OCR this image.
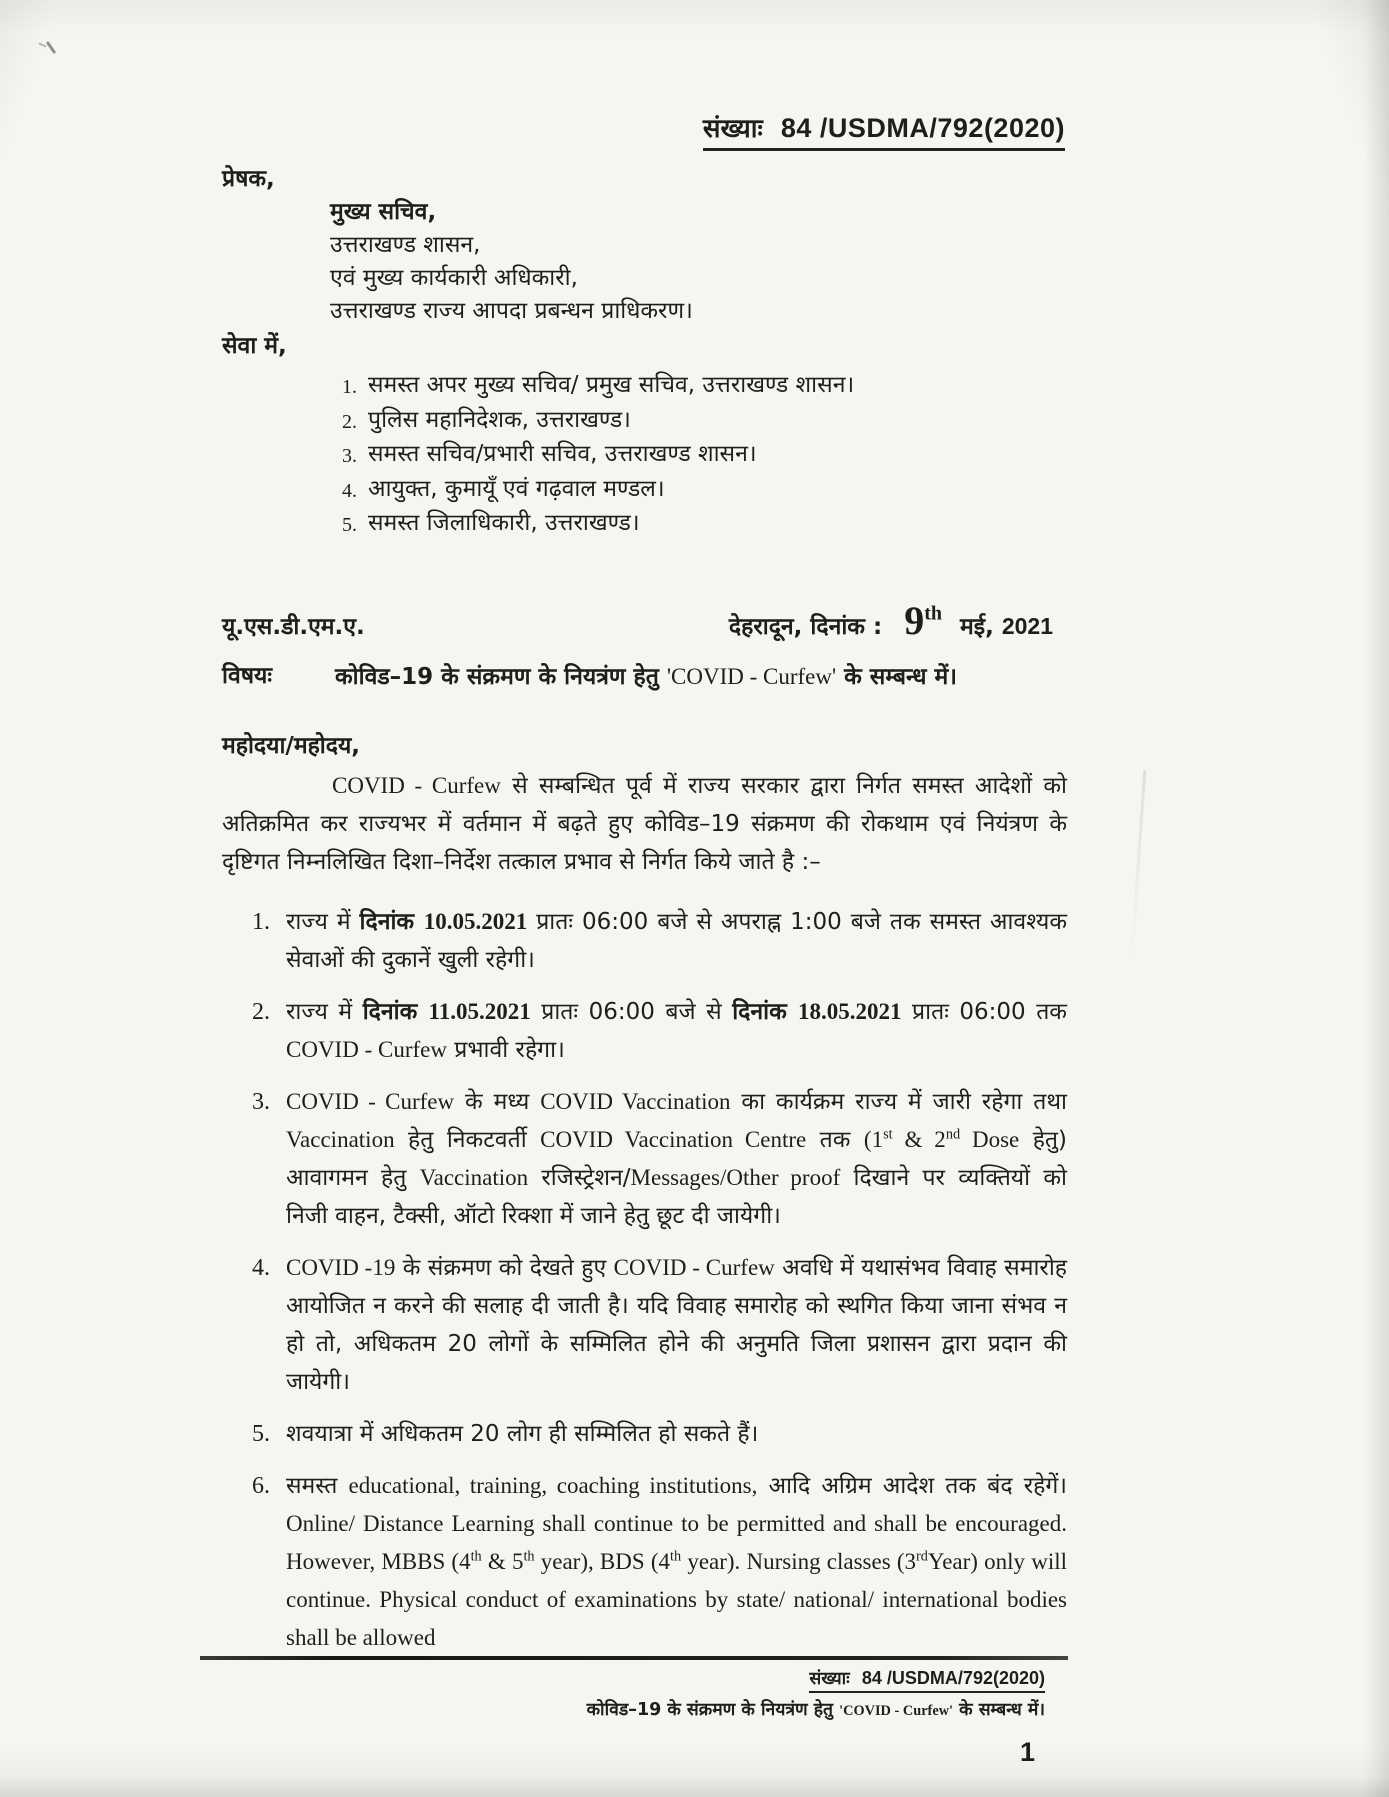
संख्याः 84 /USDMA/792(2020)
प्रेषक,
मुख्य सचिव,
उत्तराखण्ड शासन,
एवं मुख्य कार्यकारी अधिकारी,
उत्तराखण्ड राज्य आपदा प्रबन्धन प्राधिकरण।
सेवा में,
1. समस्त अपर मुख्य सचिव/ प्रमुख सचिव, उत्तराखण्ड शासन।
2. पुलिस महानिदेशक, उत्तराखण्ड।
3. समस्त सचिव/प्रभारी सचिव, उत्तराखण्ड शासन।
4. आयुक्त, कुमायूँ एवं गढ़वाल मण्डल।
5. समस्त जिलाधिकारी, उत्तराखण्ड।
यू.एस.डी.एम.ए.	देहरादून, दिनांक : 9th मई, 2021
विषयः	कोविड–19 के संक्रमण के नियत्रंण हेतु 'COVID - Curfew' के सम्बन्ध में।
महोदया/महोदय,
COVID - Curfew से सम्बन्धित पूर्व में राज्य सरकार द्वारा निर्गत समस्त आदेशों को अतिक्रमित कर राज्यभर में वर्तमान में बढ़ते हुए कोविड–19 संक्रमण की रोकथाम एवं नियंत्रण के दृष्टिगत निम्नलिखित दिशा–निर्देश तत्काल प्रभाव से निर्गत किये जाते है :–
1. राज्य में दिनांक 10.05.2021 प्रातः 06:00 बजे से अपराह्न 1:00 बजे तक समस्त आवश्यक सेवाओं की दुकानें खुली रहेगी।
2. राज्य में दिनांक 11.05.2021 प्रातः 06:00 बजे से दिनांक 18.05.2021 प्रातः 06:00 तक COVID - Curfew प्रभावी रहेगा।
3. COVID - Curfew के मध्य COVID Vaccination का कार्यक्रम राज्य में जारी रहेगा तथा Vaccination हेतु निकटवर्ती COVID Vaccination Centre तक (1st & 2nd Dose हेतु) आवागमन हेतु Vaccination रजिस्ट्रेशन/Messages/Other proof दिखाने पर व्यक्तियों को निजी वाहन, टैक्सी, ऑटो रिक्शा में जाने हेतु छूट दी जायेगी।
4. COVID -19 के संक्रमण को देखते हुए COVID - Curfew अवधि में यथासंभव विवाह समारोह आयोजित न करने की सलाह दी जाती है। यदि विवाह समारोह को स्थगित किया जाना संभव न हो तो, अधिकतम 20 लोगों के सम्मिलित होने की अनुमति जिला प्रशासन द्वारा प्रदान की जायेगी।
5. शवयात्रा में अधिकतम 20 लोग ही सम्मिलित हो सकते हैं।
6. समस्त educational, training, coaching institutions, आदि अग्रिम आदेश तक बंद रहेगें। Online/ Distance Learning shall continue to be permitted and shall be encouraged. However, MBBS (4th & 5th year), BDS (4th year). Nursing classes (3rdYear) only will continue. Physical conduct of examinations by state/ national/ international bodies shall be allowed
संख्याः 84 /USDMA/792(2020)
कोविड–19 के संक्रमण के नियत्रंण हेतु 'COVID - Curfew' के सम्बन्ध में।
1
